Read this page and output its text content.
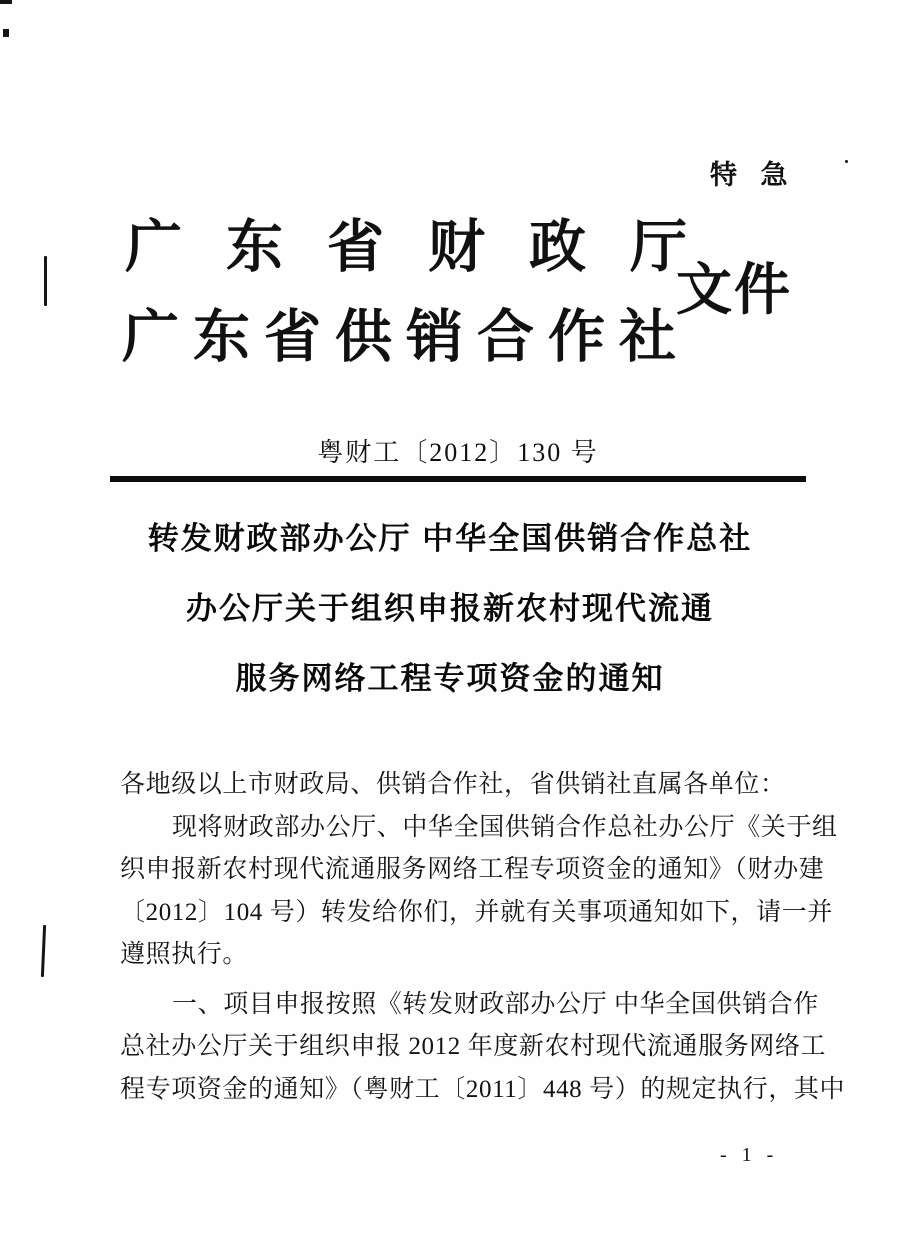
特 急
广东省财政厅
广东省供销合作社
文件
粤财工〔2012〕130 号
转发财政部办公厅 中华全国供销合作总社
办公厅关于组织申报新农村现代流通
服务网络工程专项资金的通知
各地级以上市财政局、供销合作社，省供销社直属各单位：
现将财政部办公厅、中华全国供销合作总社办公厅《关于组
织申报新农村现代流通服务网络工程专项资金的通知》（财办建
〔2012〕104 号）转发给你们，并就有关事项通知如下，请一并
遵照执行。
一、项目申报按照《转发财政部办公厅 中华全国供销合作
总社办公厅关于组织申报 2012 年度新农村现代流通服务网络工
程专项资金的通知》（粤财工〔2011〕448 号）的规定执行，其中
- 1 -
